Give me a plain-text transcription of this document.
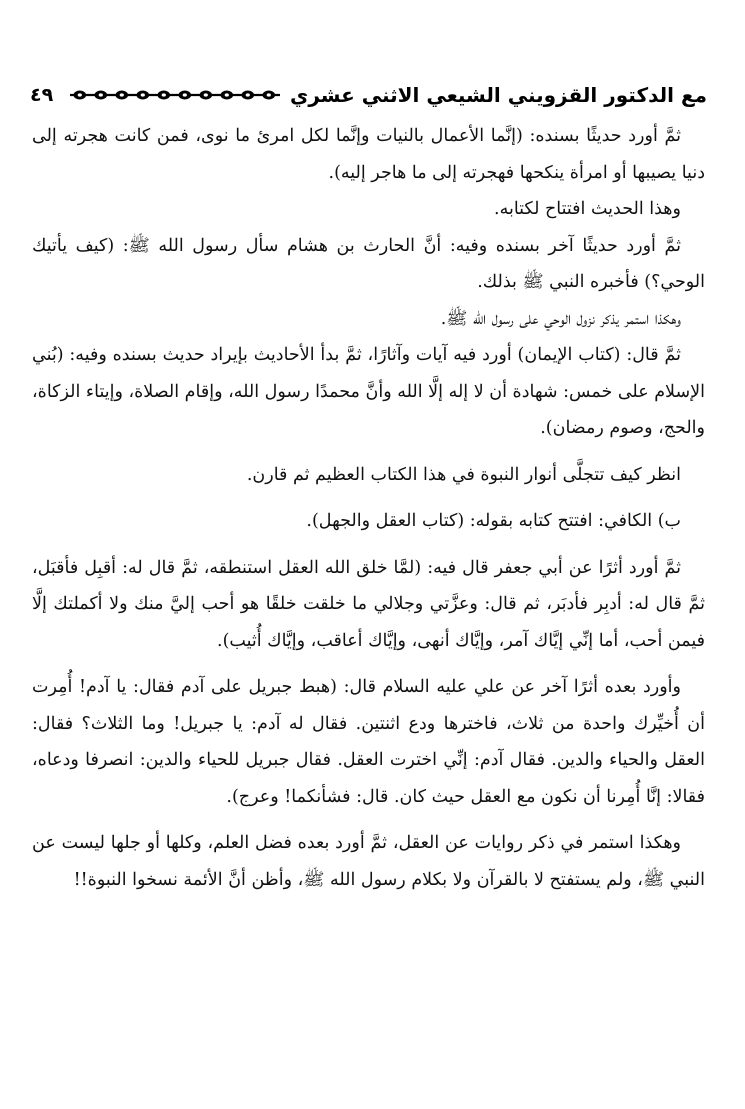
مع الدكتور القزويني الشيعي الاثني عشري
٤٩

ثمَّ أورد حديثًا بسنده: (إنَّما الأعمال بالنيات وإنَّما لكل امرئ ما نوى، فمن كانت هجرته إلى دنيا يصيبها أو امرأة ينكحها فهجرته إلى ما هاجر إليه).

وهذا الحديث افتتاح لكتابه.

ثمَّ أورد حديثًا آخر بسنده وفيه: أنَّ الحارث بن هشام سأل رسول الله ﷺ: (كيف يأتيك الوحي؟) فأخبره النبي ﷺ بذلك.

وهكذا استمر يذكر نزول الوحي على رسول الله ﷺ.

ثمَّ قال: (كتاب الإيمان) أورد فيه آيات وآثارًا، ثمَّ بدأ الأحاديث بإيراد حديث بسنده وفيه: (بُني الإسلام على خمس: شهادة أن لا إله إلَّا الله وأنَّ محمدًا رسول الله، وإقام الصلاة، وإيتاء الزكاة، والحج، وصوم رمضان).

انظر كيف تتجلَّى أنوار النبوة في هذا الكتاب العظيم ثم قارن.

ب) الكافي: افتتح كتابه بقوله: (كتاب العقل والجهل).

ثمَّ أورد أثرًا عن أبي جعفر قال فيه: (لمَّا خلق الله العقل استنطقه، ثمَّ قال له: أقبِل فأقبَل، ثمَّ قال له: أدبِر فأدبَر، ثم قال: وعزَّتي وجلالي ما خلقت خلقًا هو أحب إليَّ منك ولا أكملتك إلَّا فيمن أحب، أما إنِّي إيَّاك آمر، وإيَّاك أنهى، وإيَّاك أعاقب، وإيَّاك أُثيب).

وأورد بعده أثرًا آخر عن علي عليه السلام قال: (هبط جبريل على آدم فقال: يا آدم! أُمِرت أن أُخيِّرك واحدة من ثلاث، فاخترها ودع اثنتين. فقال له آدم: يا جبريل! وما الثلاث؟ فقال: العقل والحياء والدين. فقال آدم: إنِّي اخترت العقل. فقال جبريل للحياء والدين: انصرفا ودعاه، فقالا: إنَّا أُمِرنا أن نكون مع العقل حيث كان. قال: فشأنكما! وعرج).

وهكذا استمر في ذكر روايات عن العقل، ثمَّ أورد بعده فضل العلم، وكلها أو جلها ليست عن النبي ﷺ، ولم يستفتح لا بالقرآن ولا بكلام رسول الله ﷺ، وأظن أنَّ الأئمة نسخوا النبوة!!
